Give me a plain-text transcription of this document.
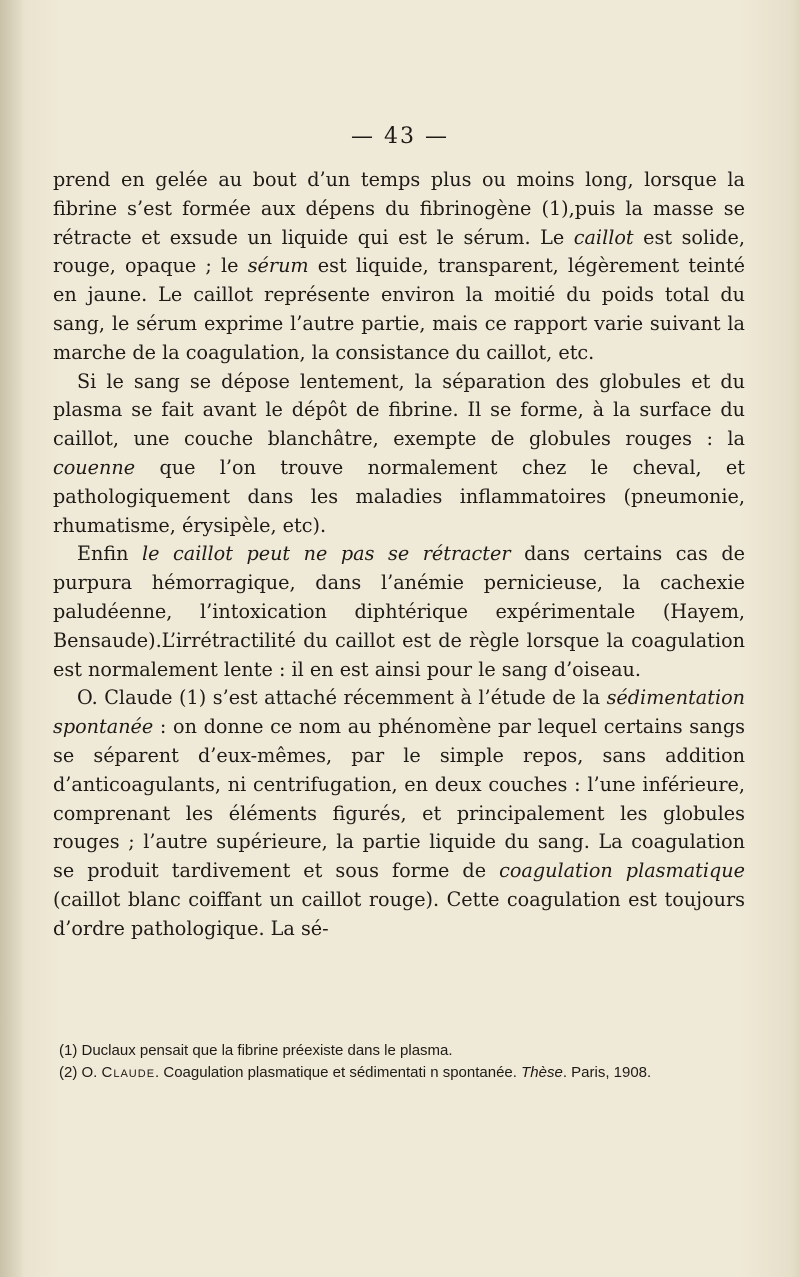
— 43 —

prend en gelée au bout d’un temps plus ou moins long, lorsque la fibrine s’est formée aux dépens du fibrinogène (1),puis la masse se rétracte et exsude un liquide qui est le sérum. Le caillot est solide, rouge, opaque ; le sérum est liquide, transparent, légèrement teinté en jaune. Le caillot représente environ la moitié du poids total du sang, le sérum exprime l’autre partie, mais ce rapport varie suivant la marche de la coagulation, la consistance du caillot, etc.

Si le sang se dépose lentement, la séparation des globules et du plasma se fait avant le dépôt de fibrine. Il se forme, à la surface du caillot, une couche blanchâtre, exempte de globules rouges : la couenne que l’on trouve normalement chez le cheval, et pathologiquement dans les maladies inflammatoires (pneumonie, rhumatisme, érysipèle, etc).

Enfin le caillot peut ne pas se rétracter dans certains cas de purpura hémorragique, dans l’anémie pernicieuse, la cachexie paludéenne, l’intoxication diphtérique expérimentale (Hayem, Bensaude).L’irrétractilité du caillot est de règle lorsque la coagulation est normalement lente : il en est ainsi pour le sang d’oiseau.

O. Claude (1) s’est attaché récemment à l’étude de la sédimentation spontanée : on donne ce nom au phénomène par lequel certains sangs se séparent d’eux-mêmes, par le simple repos, sans addition d’anticoagulants, ni centrifugation, en deux couches : l’une inférieure, comprenant les éléments figurés, et principalement les globules rouges ; l’autre supérieure, la partie liquide du sang. La coagulation se produit tardivement et sous forme de coagulation plasmatique (caillot blanc coiffant un caillot rouge). Cette coagulation est toujours d’ordre pathologique. La sé-

(1) Duclaux pensait que la fibrine préexiste dans le plasma.

(2) O. Claude. Coagulation plasmatique et sédimentati n spontanée. Thèse. Paris, 1908.
